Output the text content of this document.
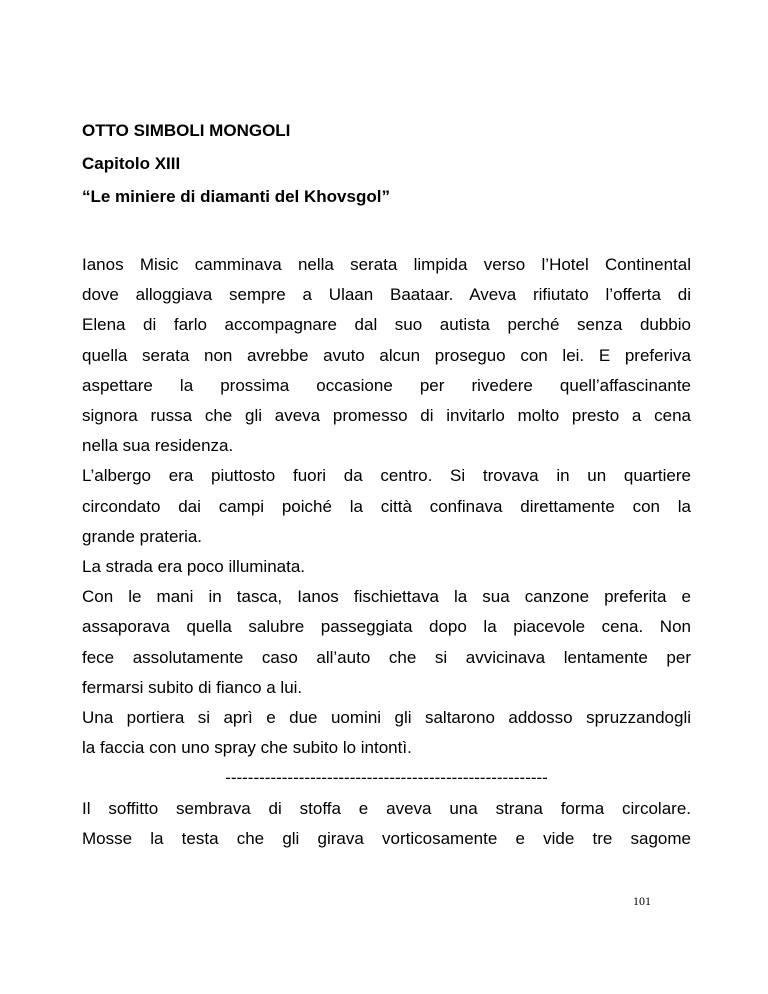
OTTO SIMBOLI MONGOLI
Capitolo XIII
“Le miniere di diamanti del Khovsgol”

Ianos Misic camminava nella serata limpida verso l’Hotel Continental

dove alloggiava sempre a Ulaan Baataar. Aveva rifiutato l’offerta di

Elena di farlo accompagnare dal suo autista perché senza dubbio

quella serata non avrebbe avuto alcun proseguo con lei. E preferiva

aspettare la prossima occasione per rivedere quell’affascinante

signora russa che gli aveva promesso di invitarlo molto presto a cena

nella sua residenza.

L’albergo era piuttosto fuori da centro. Si trovava in un quartiere

circondato dai campi poiché la città confinava direttamente con la

grande prateria.

La strada era poco illuminata.

Con le mani in tasca, Ianos fischiettava la sua canzone preferita e

assaporava quella salubre passeggiata dopo la piacevole cena. Non

fece assolutamente caso all’auto che si avvicinava lentamente per

fermarsi subito di fianco a lui.

Una portiera si aprì e due uomini gli saltarono addosso spruzzandogli

la faccia con uno spray che subito lo intontì.

---------------------------------------------------------

Il soffitto sembrava di stoffa e aveva una strana forma circolare.

Mosse la testa che gli girava vorticosamente e vide tre sagome

101
